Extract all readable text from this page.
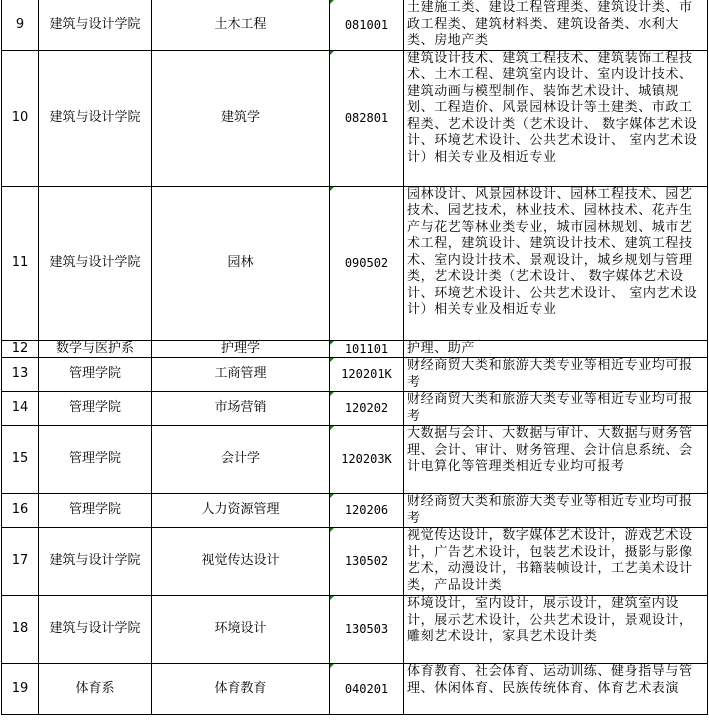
9	建筑与设计学院	土木工程	081001	土建施工类、建设工程管理类、建筑设计类、市政工程类、建筑材料类、建筑设备类、水利大类、房地产类
10	建筑与设计学院	建筑学	082801	建筑设计技术、建筑工程技术、建筑装饰工程技术、土木工程、建筑室内设计、室内设计技术、建筑动画与模型制作、装饰艺术设计、城镇规划、工程造价、风景园林设计等土建类、市政工程类、艺术设计类（艺术设计、 数字媒体艺术设计、环境艺术设计、公共艺术设计、 室内艺术设计）相关专业及相近专业
11	建筑与设计学院	园林	090502	园林设计、风景园林设计、园林工程技术、园艺技术、园艺技术，林业技术、园林技术、花卉生产与花艺等林业类专业，城市园林规划、城市艺术工程，建筑设计、建筑设计技术、建筑工程技术、室内设计技术、景观设计，城乡规划与管理类，艺术设计类（艺术设计、 数字媒体艺术设计、环境艺术设计、公共艺术设计、 室内艺术设计）相关专业及相近专业
12	数学与医护系	护理学	101101	护理、助产
13	管理学院	工商管理	120201K	财经商贸大类和旅游大类专业等相近专业均可报考
14	管理学院	市场营销	120202	财经商贸大类和旅游大类专业等相近专业均可报考
15	管理学院	会计学	120203K	大数据与会计、大数据与审计、大数据与财务管理、会计、审计、财务管理、会计信息系统、会计电算化等管理类相近专业均可报考
16	管理学院	人力资源管理	120206	财经商贸大类和旅游大类专业等相近专业均可报考
17	建筑与设计学院	视觉传达设计	130502	视觉传达设计，数字媒体艺术设计，游戏艺术设计，广告艺术设计，包装艺术设计，摄影与影像艺术，动漫设计，书籍装帧设计，工艺美术设计类，产品设计类
18	建筑与设计学院	环境设计	130503	环境设计，室内设计，展示设计，建筑室内设计，展示艺术设计，公共艺术设计，景观设计，雕刻艺术设计，家具艺术设计类
19	体育系	体育教育	040201	体育教育、社会体育、运动训练、健身指导与管理、休闲体育、民族传统体育、体育艺术表演
